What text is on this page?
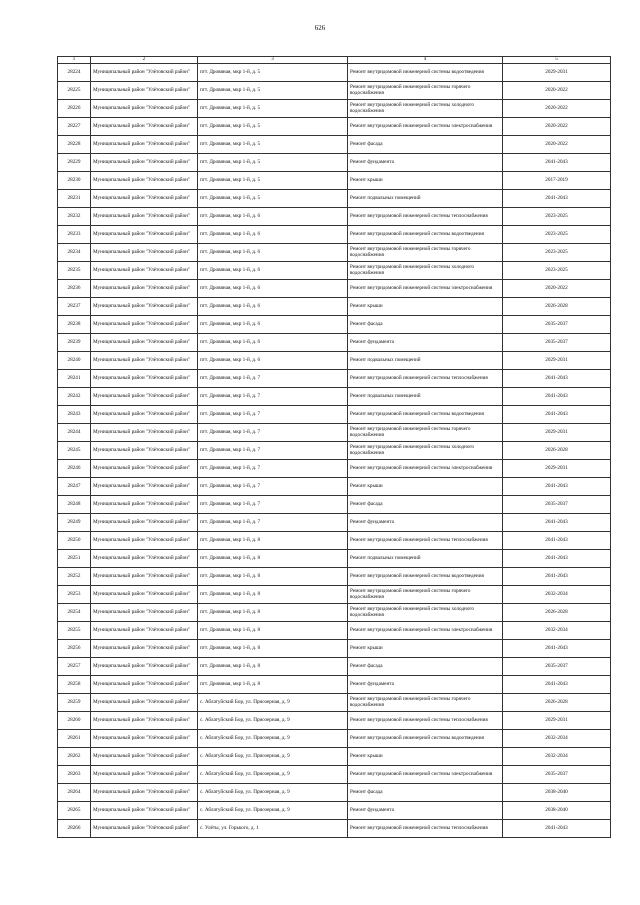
626
1	2	3	4	5
28224	Муниципальный район "Улётовский район"	пгт. Дровяная, мкр 1-й, д. 5	Ремонт внутридомовой инженерной системы водоотведения	2029-2031
28225	Муниципальный район "Улётовский район"	пгт. Дровяная, мкр 1-й, д. 5	Ремонт внутридомовой инженерной системы горячего водоснабжения	2020-2022
28226	Муниципальный район "Улётовский район"	пгт. Дровяная, мкр 1-й, д. 5	Ремонт внутридомовой инженерной системы холодного водоснабжения	2020-2022
28227	Муниципальный район "Улётовский район"	пгт. Дровяная, мкр 1-й, д. 5	Ремонт внутридомовой инженерной системы электроснабжения	2020-2022
28228	Муниципальный район "Улётовский район"	пгт. Дровяная, мкр 1-й, д. 5	Ремонт фасада	2020-2022
28229	Муниципальный район "Улётовский район"	пгт. Дровяная, мкр 1-й, д. 5	Ремонт фундамента	2041-2043
28230	Муниципальный район "Улётовский район"	пгт. Дровяная, мкр 1-й, д. 5	Ремонт крыши	2017-2019
28231	Муниципальный район "Улётовский район"	пгт. Дровяная, мкр 1-й, д. 5	Ремонт подвальных помещений	2041-2043
28232	Муниципальный район "Улётовский район"	пгт. Дровяная, мкр 1-й, д. 6	Ремонт внутридомовой инженерной системы теплоснабжения	2023-2025
28233	Муниципальный район "Улётовский район"	пгт. Дровяная, мкр 1-й, д. 6	Ремонт внутридомовой инженерной системы водоотведения	2023-2025
28234	Муниципальный район "Улётовский район"	пгт. Дровяная, мкр 1-й, д. 6	Ремонт внутридомовой инженерной системы горячего водоснабжения	2023-2025
28235	Муниципальный район "Улётовский район"	пгт. Дровяная, мкр 1-й, д. 6	Ремонт внутридомовой инженерной системы холодного водоснабжения	2023-2025
28236	Муниципальный район "Улётовский район"	пгт. Дровяная, мкр 1-й, д. 6	Ремонт внутридомовой инженерной системы электроснабжения	2020-2022
28237	Муниципальный район "Улётовский район"	пгт. Дровяная, мкр 1-й, д. 6	Ремонт крыши	2026-2028
28238	Муниципальный район "Улётовский район"	пгт. Дровяная, мкр 1-й, д. 6	Ремонт фасада	2035-2037
28239	Муниципальный район "Улётовский район"	пгт. Дровяная, мкр 1-й, д. 6	Ремонт фундамента	2035-2037
28240	Муниципальный район "Улётовский район"	пгт. Дровяная, мкр 1-й, д. 6	Ремонт подвальных помещений	2029-2031
28241	Муниципальный район "Улётовский район"	пгт. Дровяная, мкр 1-й, д. 7	Ремонт внутридомовой инженерной системы теплоснабжения	2041-2043
28242	Муниципальный район "Улётовский район"	пгт. Дровяная, мкр 1-й, д. 7	Ремонт подвальных помещений	2041-2043
28243	Муниципальный район "Улётовский район"	пгт. Дровяная, мкр 1-й, д. 7	Ремонт внутридомовой инженерной системы водоотведения	2041-2043
28244	Муниципальный район "Улётовский район"	пгт. Дровяная, мкр 1-й, д. 7	Ремонт внутридомовой инженерной системы горячего водоснабжения	2029-2031
28245	Муниципальный район "Улётовский район"	пгт. Дровяная, мкр 1-й, д. 7	Ремонт внутридомовой инженерной системы холодного водоснабжения	2026-2028
28246	Муниципальный район "Улётовский район"	пгт. Дровяная, мкр 1-й, д. 7	Ремонт внутридомовой инженерной системы электроснабжения	2029-2031
28247	Муниципальный район "Улётовский район"	пгт. Дровяная, мкр 1-й, д. 7	Ремонт крыши	2041-2043
28248	Муниципальный район "Улётовский район"	пгт. Дровяная, мкр 1-й, д. 7	Ремонт фасада	2035-2037
28249	Муниципальный район "Улётовский район"	пгт. Дровяная, мкр 1-й, д. 7	Ремонт фундамента	2041-2043
28250	Муниципальный район "Улётовский район"	пгт. Дровяная, мкр 1-й, д. 8	Ремонт внутридомовой инженерной системы теплоснабжения	2041-2043
28251	Муниципальный район "Улётовский район"	пгт. Дровяная, мкр 1-й, д. 8	Ремонт подвальных помещений	2041-2043
28252	Муниципальный район "Улётовский район"	пгт. Дровяная, мкр 1-й, д. 8	Ремонт внутридомовой инженерной системы водоотведения	2041-2043
28253	Муниципальный район "Улётовский район"	пгт. Дровяная, мкр 1-й, д. 8	Ремонт внутридомовой инженерной системы горячего водоснабжения	2032-2034
28254	Муниципальный район "Улётовский район"	пгт. Дровяная, мкр 1-й, д. 8	Ремонт внутридомовой инженерной системы холодного водоснабжения	2026-2028
28255	Муниципальный район "Улётовский район"	пгт. Дровяная, мкр 1-й, д. 8	Ремонт внутридомовой инженерной системы электроснабжения	2032-2034
28256	Муниципальный район "Улётовский район"	пгт. Дровяная, мкр 1-й, д. 8	Ремонт крыши	2041-2043
28257	Муниципальный район "Улётовский район"	пгт. Дровяная, мкр 1-й, д. 8	Ремонт фасада	2035-2037
28258	Муниципальный район "Улётовский район"	пгт. Дровяная, мкр 1-й, д. 8	Ремонт фундамента	2041-2043
28259	Муниципальный район "Улётовский район"	с. Аблатуйский Бор, ул. Приозерная, д. 9	Ремонт внутридомовой инженерной системы горячего водоснабжения	2026-2028
28260	Муниципальный район "Улётовский район"	с. Аблатуйский Бор, ул. Приозерная, д. 9	Ремонт внутридомовой инженерной системы теплоснабжения	2029-2031
28261	Муниципальный район "Улётовский район"	с. Аблатуйский Бор, ул. Приозерная, д. 9	Ремонт внутридомовой инженерной системы водоотведения	2032-2034
28262	Муниципальный район "Улётовский район"	с. Аблатуйский Бор, ул. Приозерная, д. 9	Ремонт крыши	2032-2034
28263	Муниципальный район "Улётовский район"	с. Аблатуйский Бор, ул. Приозерная, д. 9	Ремонт внутридомовой инженерной системы электроснабжения	2035-2037
28264	Муниципальный район "Улётовский район"	с. Аблатуйский Бор, ул. Приозерная, д. 9	Ремонт фасада	2038-2040
28265	Муниципальный район "Улётовский район"	с. Аблатуйский Бор, ул. Приозерная, д. 9	Ремонт фундамента	2038-2040
28266	Муниципальный район "Улётовский район"	с. Улёты, ул. Горького, д. 1	Ремонт внутридомовой инженерной системы теплоснабжения	2041-2043
